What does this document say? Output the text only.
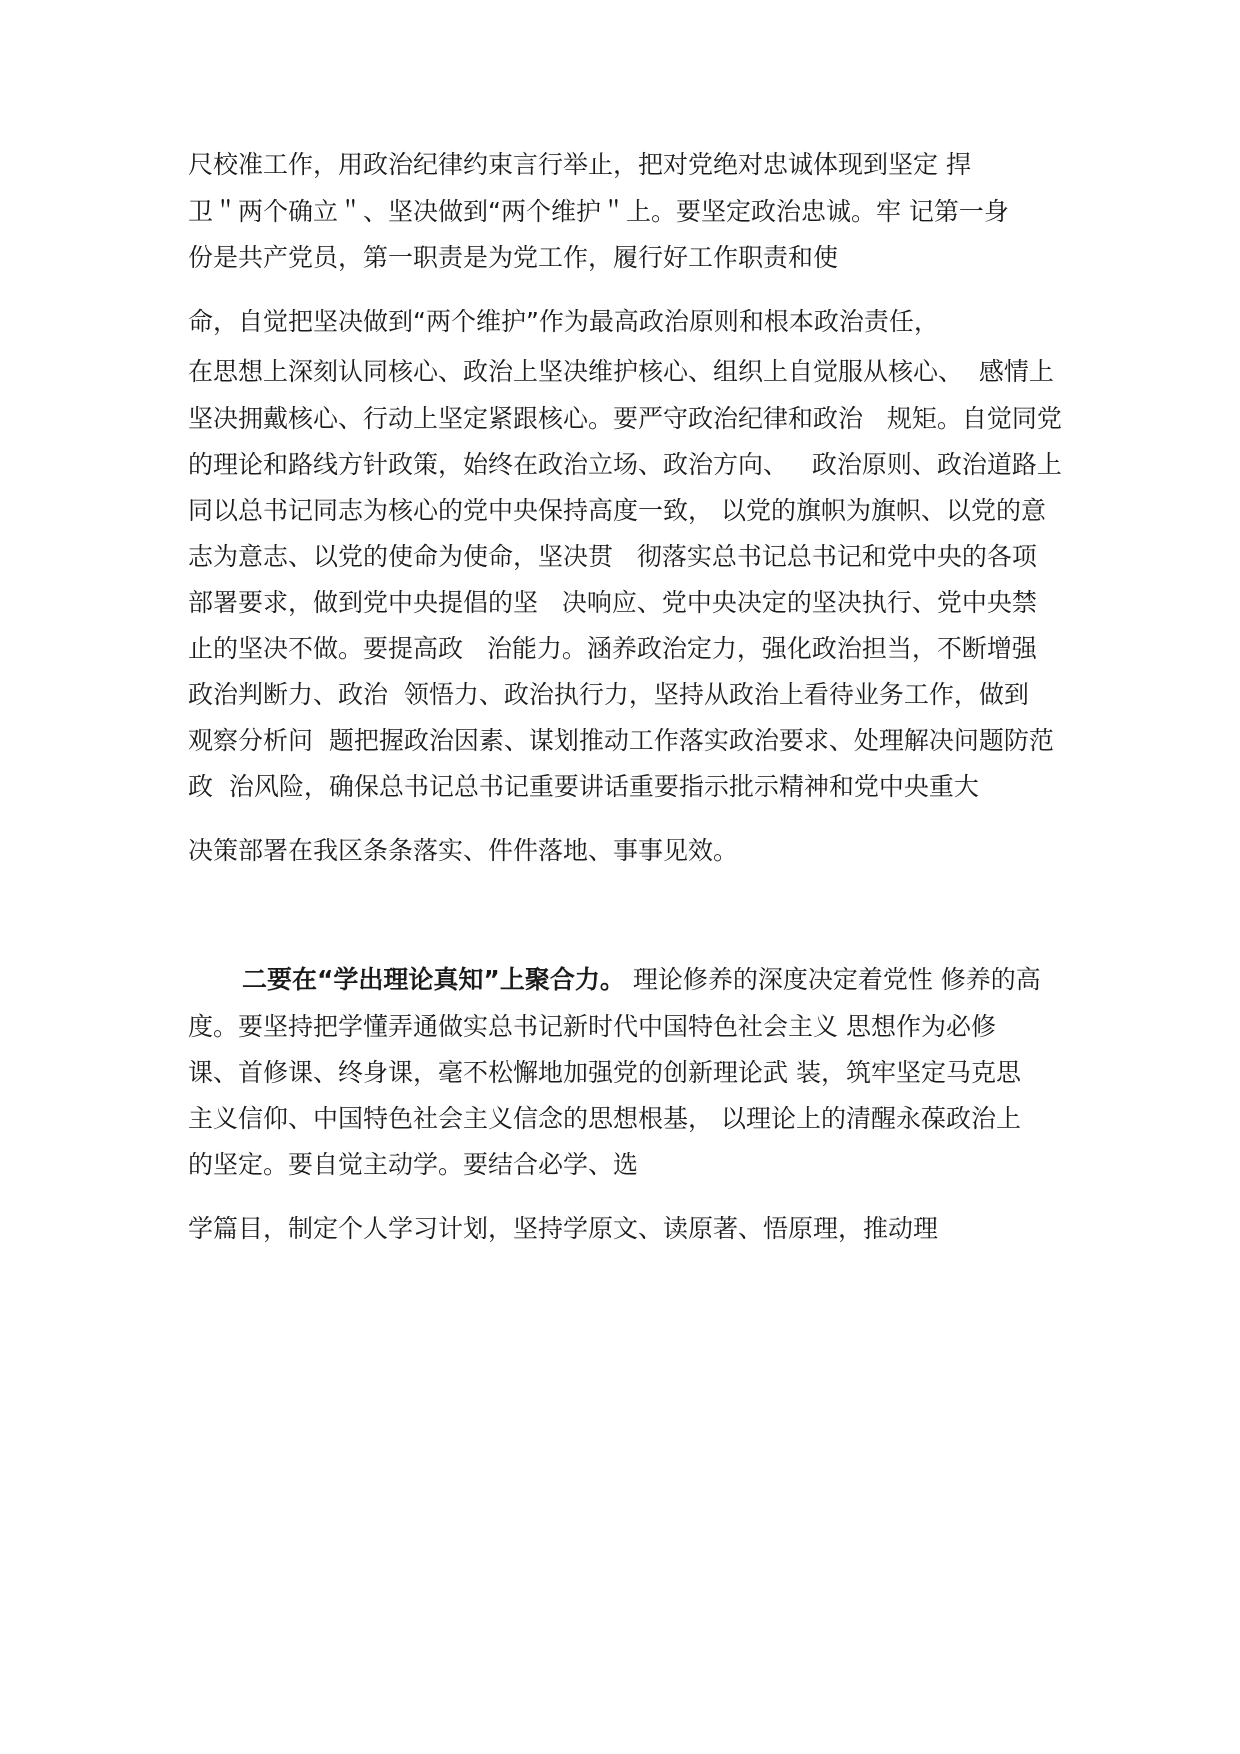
尺校准工作，用政治纪律约束言行举止，把对党绝对忠诚体现到坚定 捍
卫＂两个确立＂、坚决做到“两个维护＂上。要坚定政治忠诚。牢 记第一身
份是共产党员，第一职责是为党工作，履行好工作职责和使
命，自觉把坚决做到“两个维护”作为最高政治原则和根本政治责任，
在思想上深刻认同核心、政治上坚决维护核心、组织上自觉服从核心、  感情上
坚决拥戴核心、行动上坚定紧跟核心。要严守政治纪律和政治   规矩。自觉同党
的理论和路线方针政策，始终在政治立场、政治方向、   政治原则、政治道路上
同以总书记同志为核心的党中央保持高度一致， 以党的旗帜为旗帜、以党的意
志为意志、以党的使命为使命，坚决贯   彻落实总书记总书记和党中央的各项
部署要求，做到党中央提倡的坚   决响应、党中央决定的坚决执行、党中央禁
止的坚决不做。要提高政   治能力。涵养政治定力，强化政治担当，不断增强
政治判断力、政治  领悟力、政治执行力，坚持从政治上看待业务工作，做到
观察分析问  题把握政治因素、谋划推动工作落实政治要求、处理解决问题防范
政  治风险，确保总书记总书记重要讲话重要指示批示精神和党中央重大
决策部署在我区条条落实、件件落地、事事见效。
二要在“学出理论真知”上聚合力。 理论修养的深度决定着党性 修养的高
度。要坚持把学懂弄通做实总书记新时代中国特色社会主义 思想作为必修
课、首修课、终身课，毫不松懈地加强党的创新理论武 装，筑牢坚定马克思
主义信仰、中国特色社会主义信念的思想根基， 以理论上的清醒永葆政治上
的坚定。要自觉主动学。要结合必学、选
学篇目，制定个人学习计划，坚持学原文、读原著、悟原理，推动理
